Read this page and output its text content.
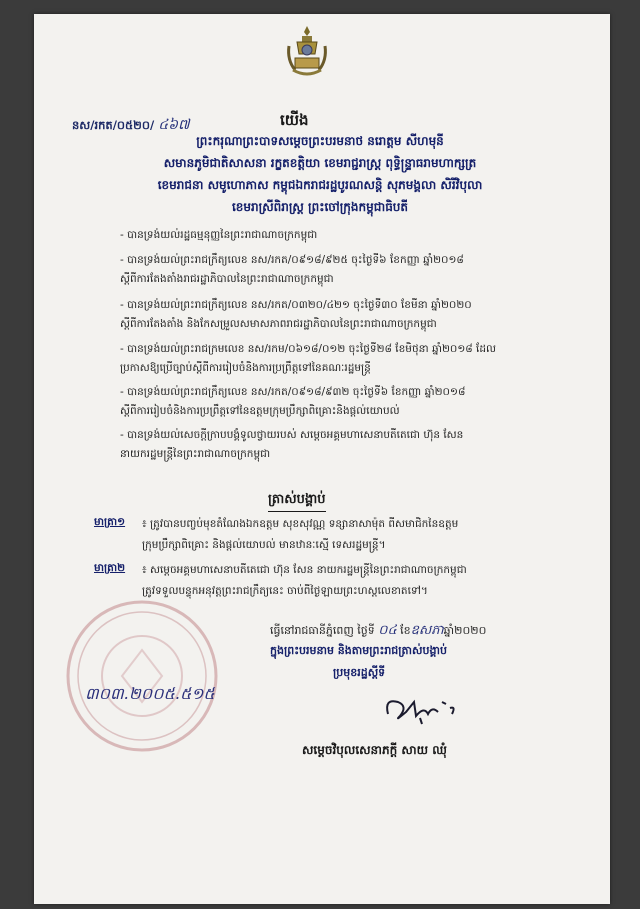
នស/រកត/០៥២០/ ៤៦៧	យើង
ព្រះករុណាព្រះបាទសម្តេចព្រះបរមនាថ នរោត្តម សីហមុនី
សមានភូមិជាតិសាសនា រក្ខតខត្តិយា ខេមរាជ្ជរាស្ត្រ ពុទ្ធិន្ទ្រាធរាមហាក្សត្រ
ខេមរាជនា សមូហោភាស កម្ពុជឯករាជរដ្ឋបូរណសន្តិ សុភមង្គលា សិរីវិបុលា
ខេមរាស្រីពិរាស្ត្រ ព្រះចៅក្រុងកម្ពុជាធិបតី
- បានទ្រង់យល់រដ្ឋធម្មនុញ្ញនៃព្រះរាជាណាចក្រកម្ពុជា
- បានទ្រង់យល់ព្រះរាជក្រឹត្យលេខ នស/រកត/០៩១៨/៩២៥ ចុះថ្ងៃទី៦ ខែកញ្ញា ឆ្នាំ២០១៨
ស្តីពីការតែងតាំងរាជរដ្ឋាភិបាលនៃព្រះរាជាណាចក្រកម្ពុជា
- បានទ្រង់យល់ព្រះរាជក្រឹត្យលេខ នស/រកត/០៣២០/៤២១ ចុះថ្ងៃទី៣០ ខែមីនា ឆ្នាំ២០២០
ស្តីពីការតែងតាំង និងកែសម្រួលសមាសភាពរាជរដ្ឋាភិបាលនៃព្រះរាជាណាចក្រកម្ពុជា
- បានទ្រង់យល់ព្រះរាជក្រមលេខ នស/រកម/០៦១៨/០១២ ចុះថ្ងៃទី២៨ ខែមិថុនា ឆ្នាំ២០១៨ ដែល
ប្រកាសឱ្យប្រើច្បាប់ស្តីពីការរៀបចំនិងការប្រព្រឹត្តទៅនៃគណៈរដ្ឋមន្ត្រី
- បានទ្រង់យល់ព្រះរាជក្រឹត្យលេខ នស/រកត/០៩១៨/៩៣២ ចុះថ្ងៃទី៦ ខែកញ្ញា ឆ្នាំ២០១៨
ស្តីពីការរៀបចំនិងការប្រព្រឹត្តទៅនៃឧត្តមក្រុមប្រឹក្សាពិគ្រោះនិងផ្តល់យោបល់
- បានទ្រង់យល់សេចក្តីក្រាបបង្គំទូលថ្វាយរបស់ សម្តេចអគ្គមហាសេនាបតីតេជោ ហ៊ុន សែន
នាយករដ្ឋមន្ត្រីនៃព្រះរាជាណាចក្រកម្ពុជា
ត្រាស់បង្គាប់
មាត្រា១ ៖ ត្រូវបានបញ្ចប់មុខតំណែងឯកឧត្តម សុខសុវណ្ណ ទន្សានាសាម៉ុត ពីសមាជិកនៃឧត្តម
ក្រុមប្រឹក្សាពិគ្រោះ និងផ្តល់យោបល់ មានឋានៈស្មើ ទេសរដ្ឋមន្ត្រី។
មាត្រា២ ៖ សម្តេចអគ្គមហាសេនាបតីតេជោ ហ៊ុន សែន នាយករដ្ឋមន្ត្រីនៃព្រះរាជាណាចក្រកម្ពុជា
ត្រូវទទួលបន្ទុកអនុវត្តព្រះរាជក្រឹត្យនេះ ចាប់ពីថ្ងៃឡាយព្រះហស្តលេខាតទៅ។
៣០៣.២០០៥.៥១៥
ធ្វើនៅរាជធានីភ្នំពេញ ថ្ងៃទី ០៤ ខែឧសភាឆ្នាំ២០២០
ក្នុងព្រះបរមនាម និងតាមព្រះរាជត្រាស់បង្គាប់
ប្រមុខរដ្ឋស្តីទី
សម្តេចវិបុលសេនាភក្តី សាយ ឈុំ
